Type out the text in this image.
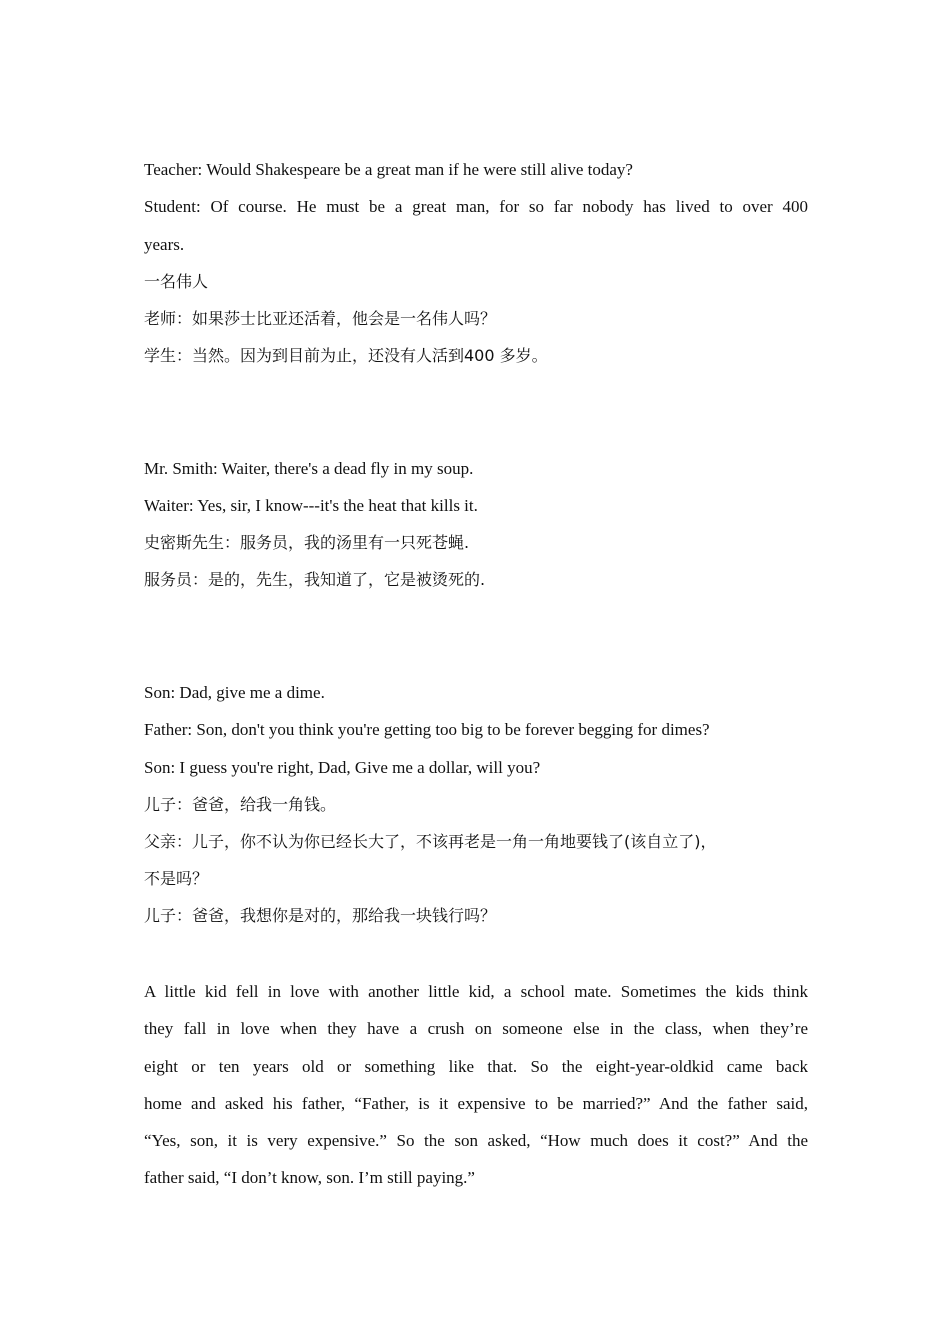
Teacher: Would Shakespeare be a great man if he were still alive today?
Student: Of course. He must be a great man, for so far nobody has lived to over 400
years.
一名伟人
老师：如果莎士比亚还活着，他会是一名伟人吗？
学生：当然。因为到目前为止，还没有人活到400 多岁。
Mr. Smith: Waiter, there's a dead fly in my soup.
Waiter: Yes, sir, I know---it's the heat that kills it.
史密斯先生：服务员，我的汤里有一只死苍蝇.
服务员：是的，先生，我知道了，它是被烫死的.
Son: Dad, give me a dime.
Father: Son, don't you think you're getting too big to be forever begging for dimes?
Son: I guess you're right, Dad, Give me a dollar, will you?
儿子：爸爸，给我一角钱。
父亲：儿子，你不认为你已经长大了，不该再老是一角一角地要钱了(该自立了)，
不是吗？
儿子：爸爸，我想你是对的，那给我一块钱行吗？
A little kid fell in love with another little kid, a school mate. Sometimes the kids think
they fall in love when they have a crush on someone else in the class, when they’re
eight or ten years old or something like that. So the eight-year-oldkid came back
home and asked his father, “Father, is it expensive to be married?” And the father said,
“Yes, son, it is very expensive.” So the son asked, “How much does it cost?” And the
father said, “I don’t know, son. I’m still paying.”
